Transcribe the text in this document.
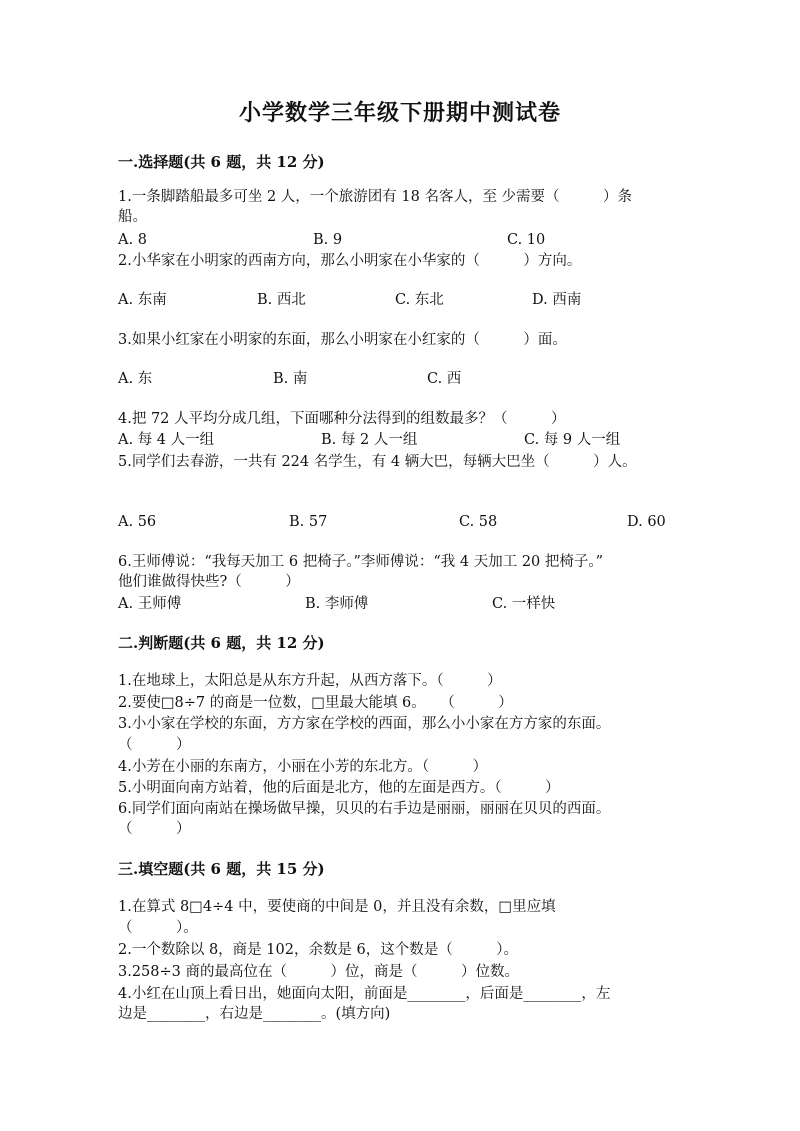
小学数学三年级下册期中测试卷
一.选择题(共 6 题，共 12 分)
1.一条脚踏船最多可坐 2 人，一个旅游团有 18 名客人，至 少需要（　　　）条
船。
A. 8	B. 9	C. 10
2.小华家在小明家的西南方向，那么小明家在小华家的（　　　）方向。
A. 东南	B. 西北	C. 东北	D. 西南
3.如果小红家在小明家的东面，那么小明家在小红家的（　　　）面。
A. 东	B. 南	C. 西
4.把 72 人平均分成几组，下面哪种分法得到的组数最多？（　　　）
A. 每 4 人一组	B. 每 2 人一组	C. 每 9 人一组
5.同学们去春游，一共有 224 名学生，有 4 辆大巴，每辆大巴坐（　　　）人。
A. 56	B. 57	C. 58	D. 60
6.王师傅说：“我每天加工 6 把椅子。”李师傅说：“我 4 天加工 20 把椅子。”
他们谁做得快些?（　　　）
A. 王师傅	B. 李师傅	C. 一样快
二.判断题(共 6 题，共 12 分)
1.在地球上，太阳总是从东方升起，从西方落下。（　　　）
2.要使□8÷7 的商是一位数，□里最大能填 6。　　（　　　）
3.小小家在学校的东面，方方家在学校的西面，那么小小家在方方家的东面。
（　　　）
4.小芳在小丽的东南方，小丽在小芳的东北方。（　　　）
5.小明面向南方站着，他的后面是北方，他的左面是西方。（　　　）
6.同学们面向南站在操场做早操，贝贝的右手边是丽丽，丽丽在贝贝的西面。
（　　　）
三.填空题(共 6 题，共 15 分)
1.在算式 8□4÷4 中，要使商的中间是 0，并且没有余数，□里应填
（　　　）。
2.一个数除以 8，商是 102，余数是 6，这个数是（　　　）。
3.258÷3 商的最高位在（　　　）位，商是（　　　）位数。
4.小红在山顶上看日出，她面向太阳，前面是________，后面是________，左
边是________，右边是________。(填方向)
